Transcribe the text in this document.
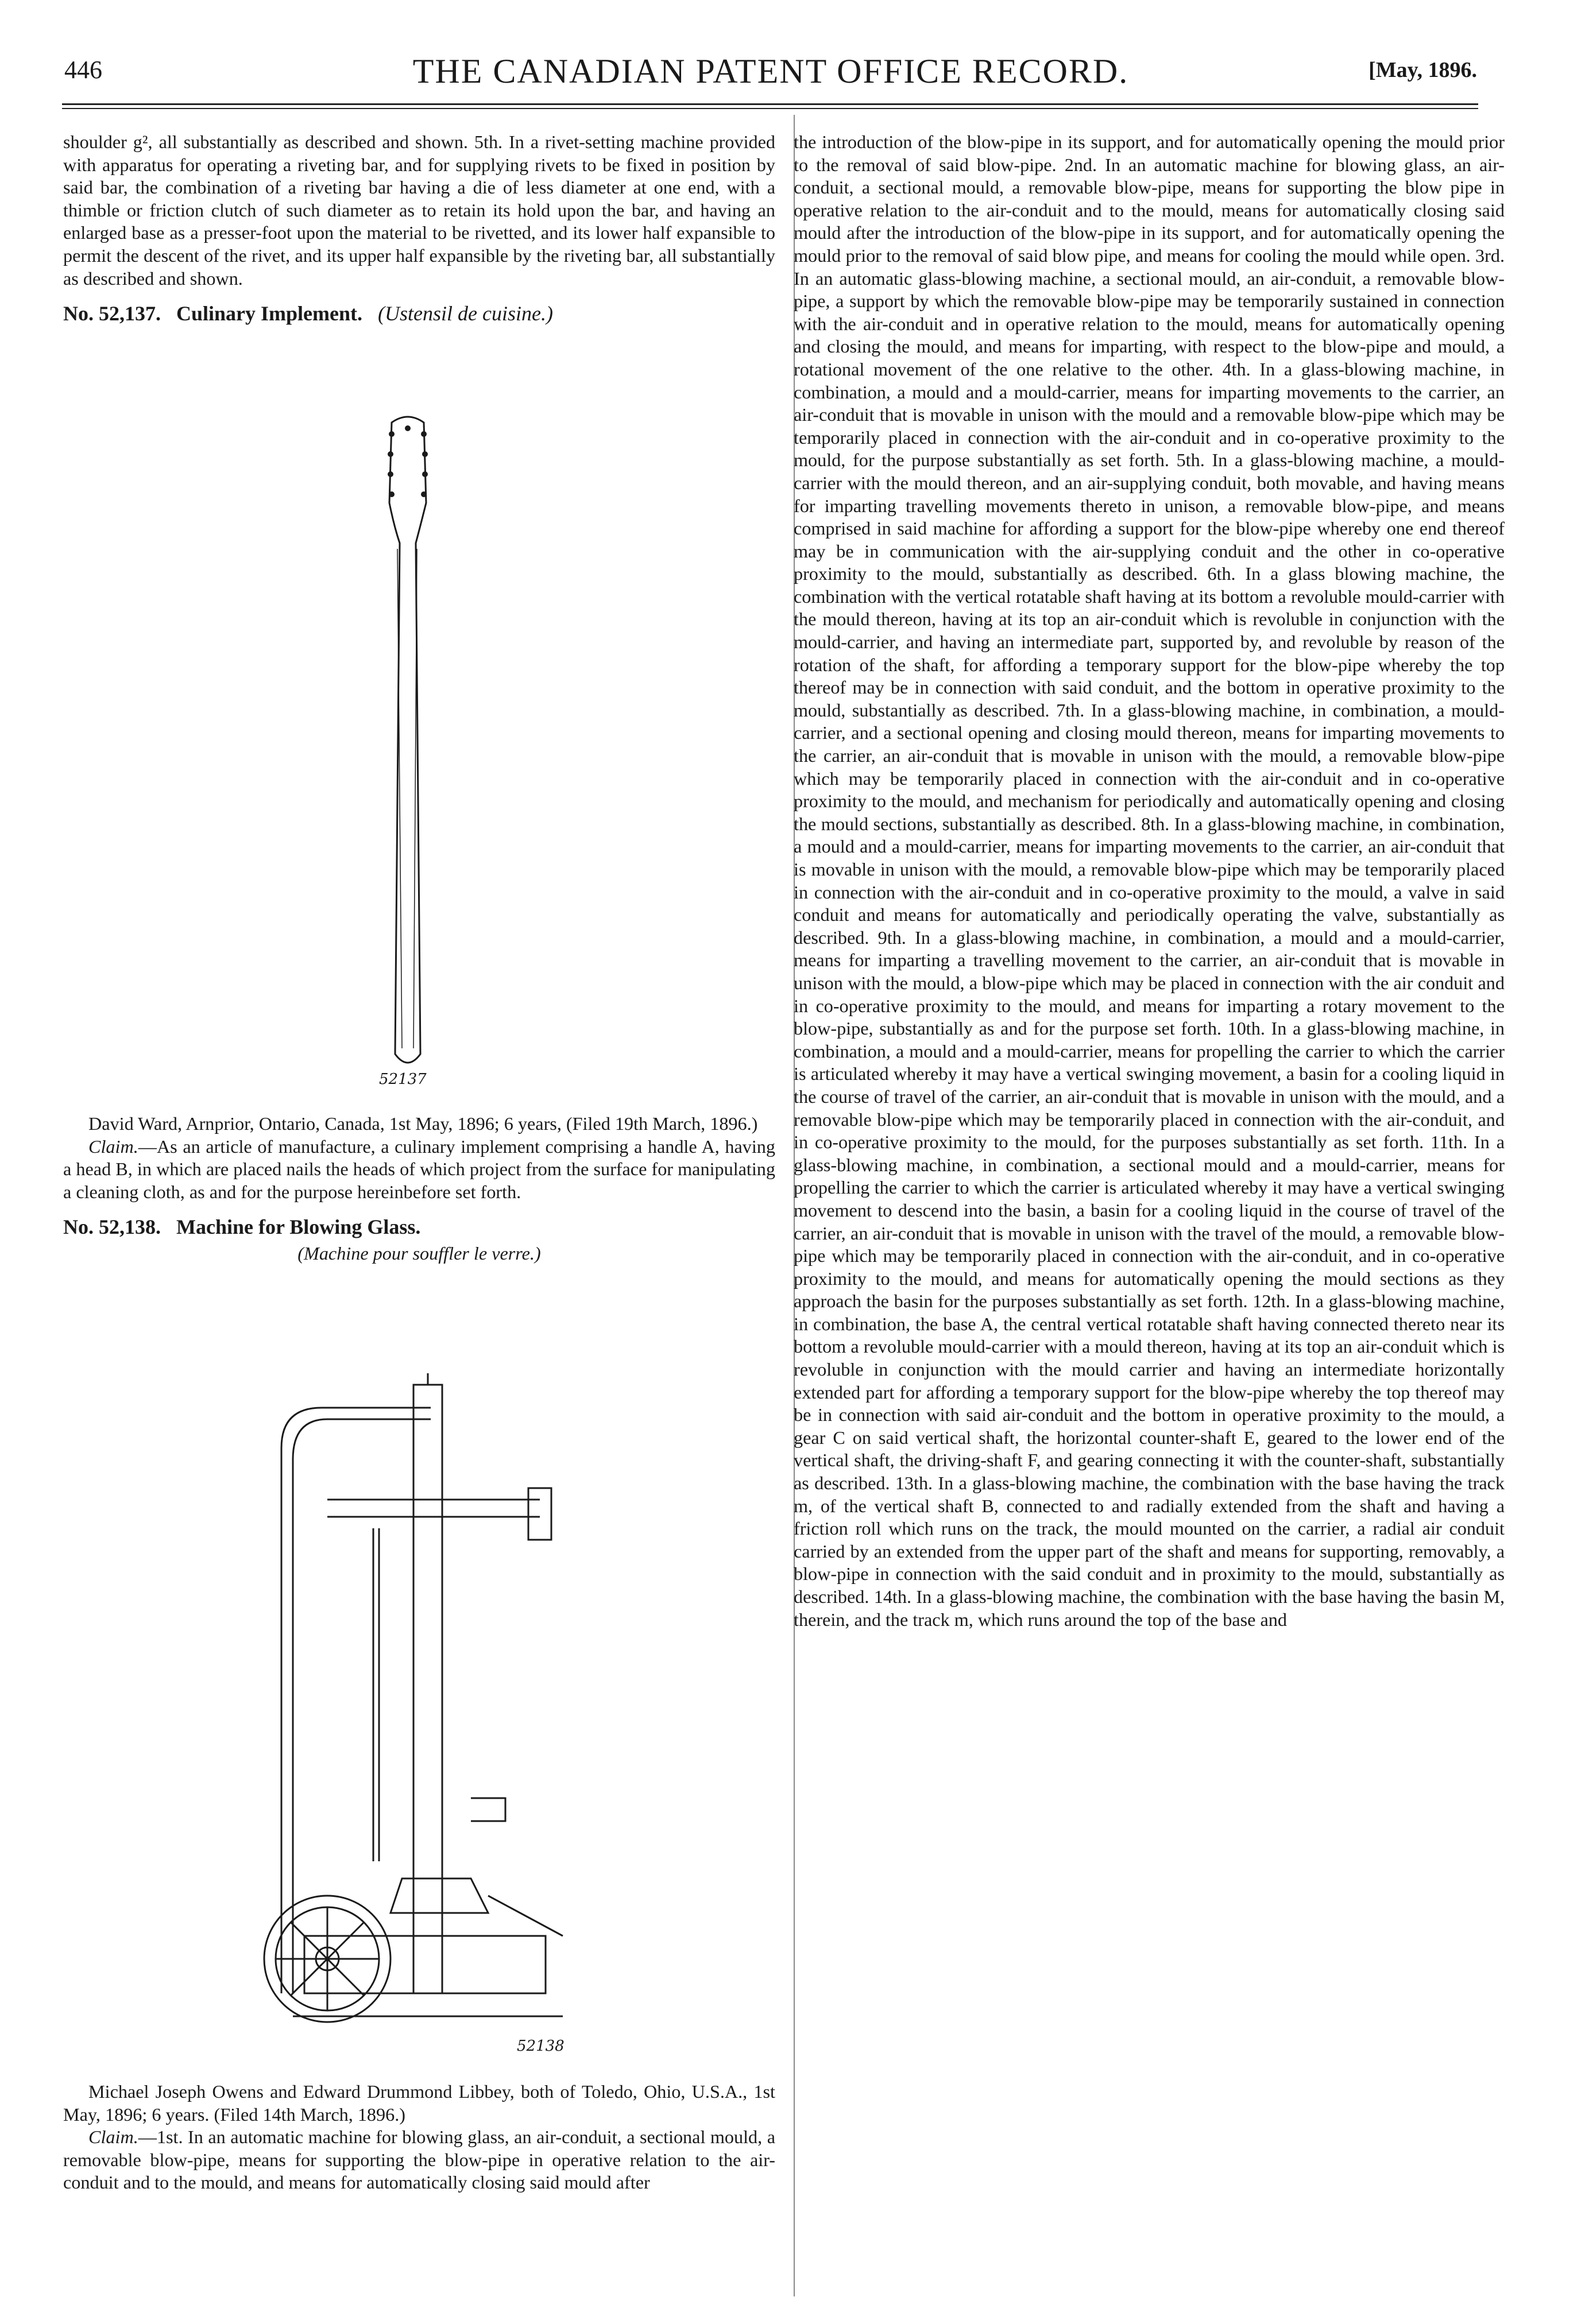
446	THE CANADIAN PATENT OFFICE RECORD.	[May, 1896.

shoulder g², all substantially as described and shown. 5th. In a rivet-setting machine provided with apparatus for operating a riveting bar, and for supplying rivets to be fixed in position by said bar, the combination of a riveting bar having a die of less diameter at one end, with a thimble or friction clutch of such diameter as to retain its hold upon the bar, and having an enlarged base as a presser-foot upon the material to be rivetted, and its lower half expansible to permit the descent of the rivet, and its upper half expansible by the riveting bar, all substantially as described and shown.

No. 52,137. Culinary Implement. (Ustensil de cuisine.)
52137

David Ward, Arnprior, Ontario, Canada, 1st May, 1896; 6 years, (Filed 19th March, 1896.)

Claim.—As an article of manufacture, a culinary implement comprising a handle A, having a head B, in which are placed nails the heads of which project from the surface for manipulating a cleaning cloth, as and for the purpose hereinbefore set forth.

No. 52,138. Machine for Blowing Glass.
(Machine pour souffler le verre.)
52138

Michael Joseph Owens and Edward Drummond Libbey, both of Toledo, Ohio, U.S.A., 1st May, 1896; 6 years. (Filed 14th March, 1896.)

Claim.—1st. In an automatic machine for blowing glass, an air-conduit, a sectional mould, a removable blow-pipe, means for supporting the blow-pipe in operative relation to the air-conduit and to the mould, and means for automatically closing said mould after

the introduction of the blow-pipe in its support, and for automatically opening the mould prior to the removal of said blow-pipe. 2nd. In an automatic machine for blowing glass, an air-conduit, a sectional mould, a removable blow-pipe, means for supporting the blow pipe in operative relation to the air-conduit and to the mould, means for automatically closing said mould after the introduction of the blow-pipe in its support, and for automatically opening the mould prior to the removal of said blow pipe, and means for cooling the mould while open. 3rd. In an automatic glass-blowing machine, a sectional mould, an air-conduit, a removable blow-pipe, a support by which the removable blow-pipe may be temporarily sustained in connection with the air-conduit and in operative relation to the mould, means for automatically opening and closing the mould, and means for imparting, with respect to the blow-pipe and mould, a rotational movement of the one relative to the other. 4th. In a glass-blowing machine, in combination, a mould and a mould-carrier, means for imparting movements to the carrier, an air-conduit that is movable in unison with the mould and a removable blow-pipe which may be temporarily placed in connection with the air-conduit and in co-operative proximity to the mould, for the purpose substantially as set forth. 5th. In a glass-blowing machine, a mould-carrier with the mould thereon, and an air-supplying conduit, both movable, and having means for imparting travelling movements thereto in unison, a removable blow-pipe, and means comprised in said machine for affording a support for the blow-pipe whereby one end thereof may be in communication with the air-supplying conduit and the other in co-operative proximity to the mould, substantially as described. 6th. In a glass blowing machine, the combination with the vertical rotatable shaft having at its bottom a revoluble mould-carrier with the mould thereon, having at its top an air-conduit which is revoluble in conjunction with the mould-carrier, and having an intermediate part, supported by, and revoluble by reason of the rotation of the shaft, for affording a temporary support for the blow-pipe whereby the top thereof may be in connection with said conduit, and the bottom in operative proximity to the mould, substantially as described. 7th. In a glass-blowing machine, in combination, a mould-carrier, and a sectional opening and closing mould thereon, means for imparting movements to the carrier, an air-conduit that is movable in unison with the mould, a removable blow-pipe which may be temporarily placed in connection with the air-conduit and in co-operative proximity to the mould, and mechanism for periodically and automatically opening and closing the mould sections, substantially as described. 8th. In a glass-blowing machine, in combination, a mould and a mould-carrier, means for imparting movements to the carrier, an air-conduit that is movable in unison with the mould, a removable blow-pipe which may be temporarily placed in connection with the air-conduit and in co-operative proximity to the mould, a valve in said conduit and means for automatically and periodically operating the valve, substantially as described. 9th. In a glass-blowing machine, in combination, a mould and a mould-carrier, means for imparting a travelling movement to the carrier, an air-conduit that is movable in unison with the mould, a blow-pipe which may be placed in connection with the air conduit and in co-operative proximity to the mould, and means for imparting a rotary movement to the blow-pipe, substantially as and for the purpose set forth. 10th. In a glass-blowing machine, in combination, a mould and a mould-carrier, means for propelling the carrier to which the carrier is articulated whereby it may have a vertical swinging movement, a basin for a cooling liquid in the course of travel of the carrier, an air-conduit that is movable in unison with the mould, and a removable blow-pipe which may be temporarily placed in connection with the air-conduit, and in co-operative proximity to the mould, for the purposes substantially as set forth. 11th. In a glass-blowing machine, in combination, a sectional mould and a mould-carrier, means for propelling the carrier to which the carrier is articulated whereby it may have a vertical swinging movement to descend into the basin, a basin for a cooling liquid in the course of travel of the carrier, an air-conduit that is movable in unison with the travel of the mould, a removable blow-pipe which may be temporarily placed in connection with the air-conduit, and in co-operative proximity to the mould, and means for automatically opening the mould sections as they approach the basin for the purposes substantially as set forth. 12th. In a glass-blowing machine, in combination, the base A, the central vertical rotatable shaft having connected thereto near its bottom a revoluble mould-carrier with a mould thereon, having at its top an air-conduit which is revoluble in conjunction with the mould carrier and having an intermediate horizontally extended part for affording a temporary support for the blow-pipe whereby the top thereof may be in connection with said air-conduit and the bottom in operative proximity to the mould, a gear C on said vertical shaft, the horizontal counter-shaft E, geared to the lower end of the vertical shaft, the driving-shaft F, and gearing connecting it with the counter-shaft, substantially as described. 13th. In a glass-blowing machine, the combination with the base having the track m, of the vertical shaft B, connected to and radially extended from the shaft and having a friction roll which runs on the track, the mould mounted on the carrier, a radial air conduit carried by an extended from the upper part of the shaft and means for supporting, removably, a blow-pipe in connection with the said conduit and in proximity to the mould, substantially as described. 14th. In a glass-blowing machine, the combination with the base having the basin M, therein, and the track m, which runs around the top of the base and
